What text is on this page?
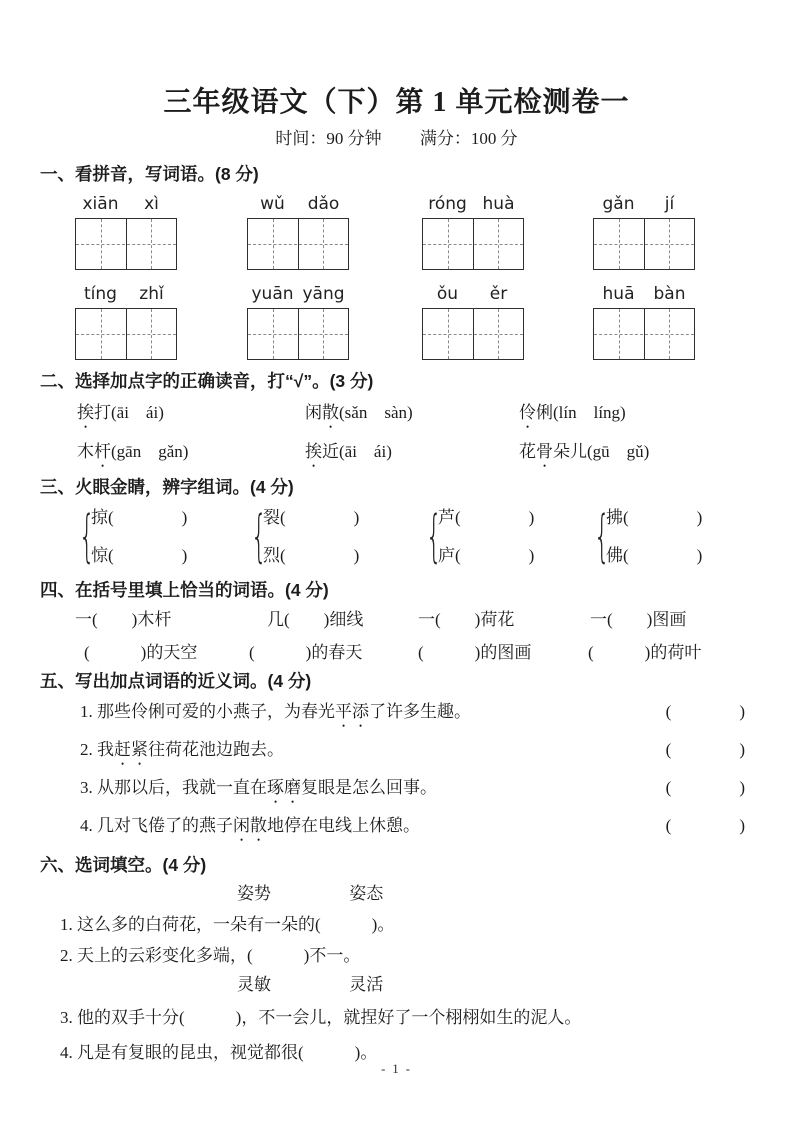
三年级语文（下）第 1 单元检测卷一
时间：90 分钟 满分：100 分
一、看拼音，写词语。(8 分)
xiān	xì	wǔ	dǎo	róng huà	gǎn	jí
tíng	zhǐ	yuān yāng	ǒu	ěr	huā	bàn
二、选择加点字的正确读音，打“√”。(3 分)
挨打(āi　ái)	闲散(sǎn　sàn)	伶俐(lín　líng)
木杆(gān　gǎn)	挨近(āi　ái)	花骨朵儿(gū　gǔ)
三、火眼金睛，辨字组词。(4 分)
{
掠(　　　　)
惊(　　　　) {
裂(　　　　)
烈(　　　　) {
芦(　　　　)
庐(　　　　) {
拂(　　　　)
佛(　　　　)
四、在括号里填上恰当的词语。(4 分)
一(　　)木杆	几(　　)细线	一(　　)荷花	一(　　)图画
(　　　)的天空	(　　　)的春天	(　　　)的图画	(　　　)的荷叶
五、写出加点词语的近义词。(4 分)
1. 那些伶俐可爱的小燕子，为春光平添了许多生趣。	(　　　　)
2. 我赶紧往荷花池边跑去。	(　　　　)
3. 从那以后，我就一直在琢磨复眼是怎么回事。	(　　　　)
4. 几对飞倦了的燕子闲散地停在电线上休憩。	(　　　　)
六、选词填空。(4 分)
姿势	姿态
1. 这么多的白荷花，一朵有一朵的(　　　)。
2. 天上的云彩变化多端，(　　　)不一。
灵敏	灵活
3. 他的双手十分(　　　)，不一会儿，就捏好了一个栩栩如生的泥人。
4. 凡是有复眼的昆虫，视觉都很(　　　)。
- 1 -
